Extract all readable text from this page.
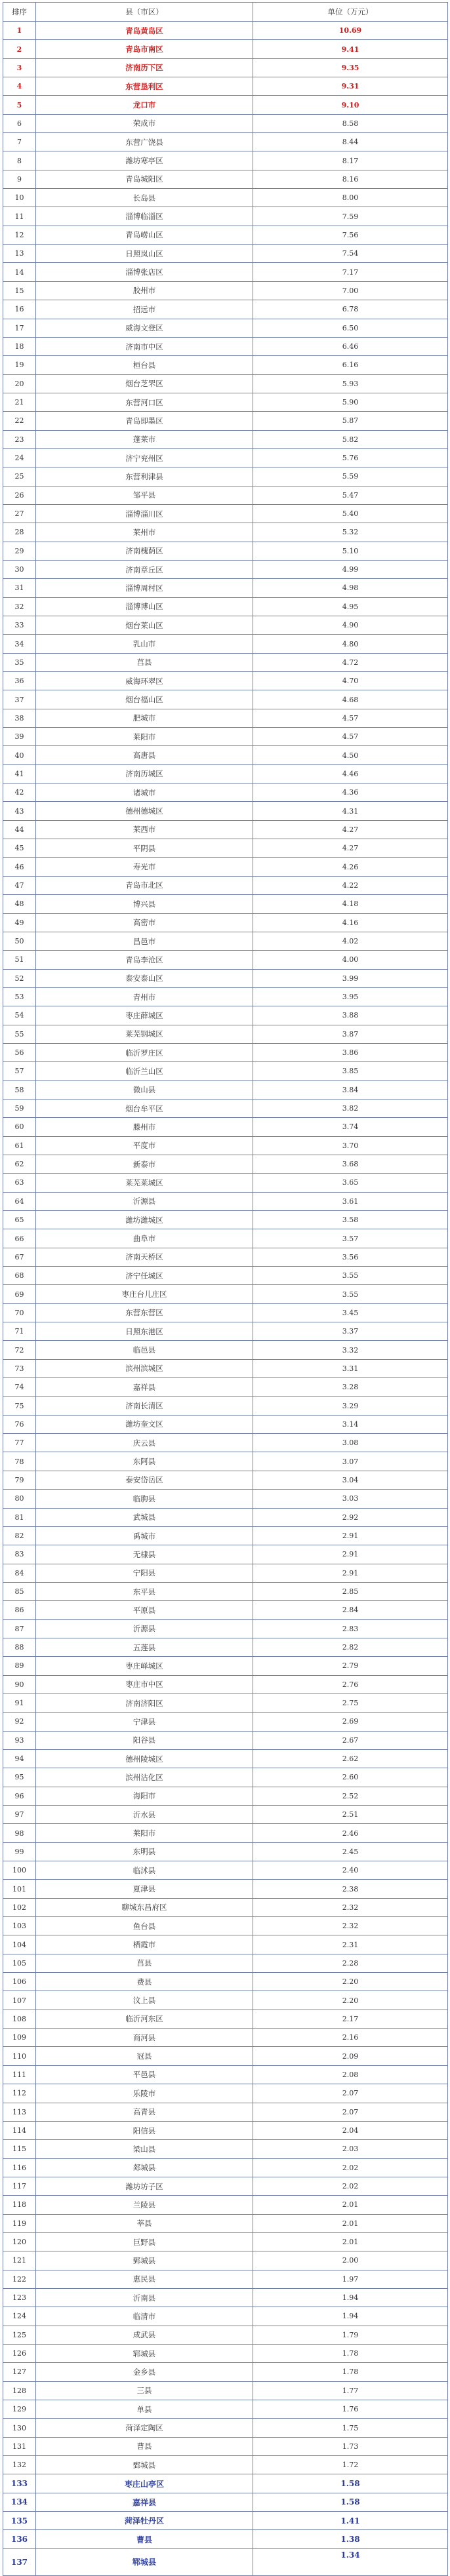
排序	县（市区）	单位（万元）
1	青岛黄岛区	10.69
2	青岛市南区	9.41
3	济南历下区	9.35
4	东营垦利区	9.31
5	龙口市	9.10
6	荣成市	8.58
7	东营广饶县	8.44
8	潍坊寒亭区	8.17
9	青岛城阳区	8.16
10	长岛县	8.00
11	淄博临淄区	7.59
12	青岛崂山区	7.56
13	日照岚山区	7.54
14	淄博张店区	7.17
15	胶州市	7.00
16	招远市	6.78
17	威海文登区	6.50
18	济南市中区	6.46
19	桓台县	6.16
20	烟台芝罘区	5.93
21	东营河口区	5.90
22	青岛即墨区	5.87
23	蓬莱市	5.82
24	济宁兖州区	5.76
25	东营利津县	5.59
26	邹平县	5.47
27	淄博淄川区	5.40
28	莱州市	5.32
29	济南槐荫区	5.10
30	济南章丘区	4.99
31	淄博周村区	4.98
32	淄博博山区	4.95
33	烟台莱山区	4.90
34	乳山市	4.80
35	莒县	4.72
36	威海环翠区	4.70
37	烟台福山区	4.68
38	肥城市	4.57
39	莱阳市	4.57
40	高唐县	4.50
41	济南历城区	4.46
42	诸城市	4.36
43	德州德城区	4.31
44	莱西市	4.27
45	平阴县	4.27
46	寿光市	4.26
47	青岛市北区	4.22
48	博兴县	4.18
49	高密市	4.16
50	昌邑市	4.02
51	青岛李沧区	4.00
52	泰安泰山区	3.99
53	青州市	3.95
54	枣庄薛城区	3.88
55	莱芜钢城区	3.87
56	临沂罗庄区	3.86
57	临沂兰山区	3.85
58	微山县	3.84
59	烟台牟平区	3.82
60	滕州市	3.74
61	平度市	3.70
62	新泰市	3.68
63	莱芜莱城区	3.65
64	沂源县	3.61
65	潍坊潍城区	3.58
66	曲阜市	3.57
67	济南天桥区	3.56
68	济宁任城区	3.55
69	枣庄台儿庄区	3.55
70	东营东营区	3.45
71	日照东港区	3.37
72	临邑县	3.32
73	滨州滨城区	3.31
74	嘉祥县	3.28
75	济南长清区	3.29
76	潍坊奎文区	3.14
77	庆云县	3.08
78	东阿县	3.07
79	泰安岱岳区	3.04
80	临朐县	3.03
81	武城县	2.92
82	禹城市	2.91
83	无棣县	2.91
84	宁阳县	2.91
85	东平县	2.85
86	平原县	2.84
87	沂源县	2.83
88	五莲县	2.82
89	枣庄峄城区	2.79
90	枣庄市中区	2.76
91	济南济阳区	2.75
92	宁津县	2.69
93	阳谷县	2.67
94	德州陵城区	2.62
95	滨州沾化区	2.60
96	海阳市	2.52
97	沂水县	2.51
98	莱阳市	2.46
99	东明县	2.45
100	临沭县	2.40
101	夏津县	2.38
102	聊城东昌府区	2.32
103	鱼台县	2.32
104	栖霞市	2.31
105	莒县	2.28
106	费县	2.20
107	汶上县	2.20
108	临沂河东区	2.17
109	商河县	2.16
110	冠县	2.09
111	平邑县	2.08
112	乐陵市	2.07
113	高青县	2.07
114	阳信县	2.04
115	梁山县	2.03
116	郯城县	2.02
117	潍坊坊子区	2.02
118	兰陵县	2.01
119	莘县	2.01
120	巨野县	2.01
121	鄄城县	2.00
122	惠民县	1.97
123	沂南县	1.94
124	临清市	1.94
125	成武县	1.79
126	郓城县	1.78
127	金乡县	1.78
128	三县	1.77
129	单县	1.76
130	菏泽定陶区	1.75
131	曹县	1.73
132	鄄城县	1.72
133	枣庄山亭区	1.58
134	嘉祥县	1.58
135	菏泽牡丹区	1.41
136	曹县	1.38
137	郓城县	1.34
